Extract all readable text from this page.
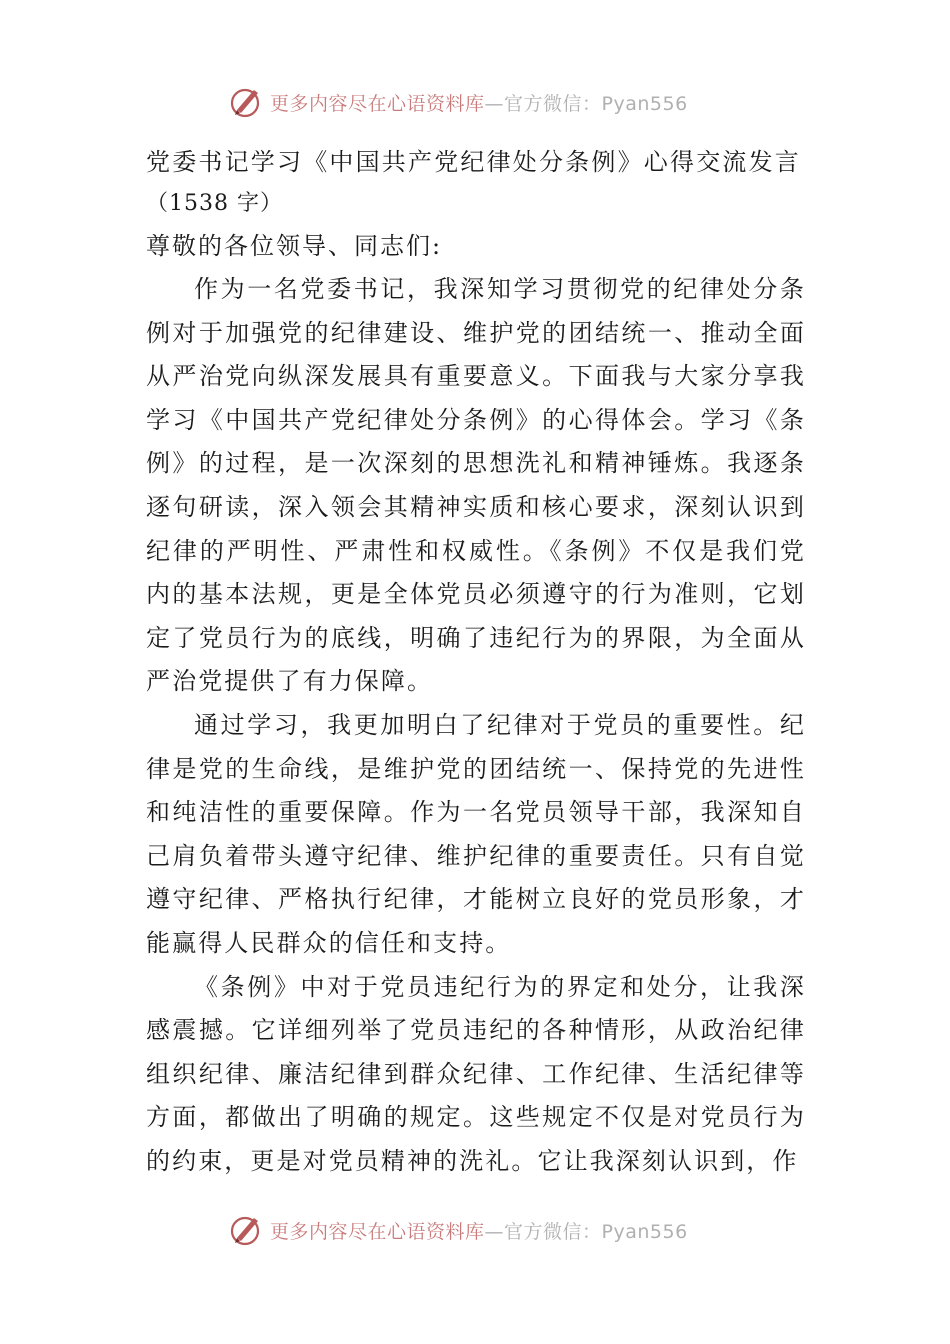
更多内容尽在心语资料库—官方微信：Pyan556
党委书记学习《中国共产党纪律处分条例》心得交流发言

（1538 字）

尊敬的各位领导、同志们:

作为一名党委书记，我深知学习贯彻党的纪律处分条例对于加强党的纪律建设、维护党的团结统一、推动全面从严治党向纵深发展具有重要意义。下面我与大家分享我学习《中国共产党纪律处分条例》的心得体会。学习《条例》的过程，是一次深刻的思想洗礼和精神锤炼。我逐条逐句研读，深入领会其精神实质和核心要求，深刻认识到纪律的严明性、严肃性和权威性。《条例》不仅是我们党内的基本法规，更是全体党员必须遵守的行为准则，它划定了党员行为的底线，明确了违纪行为的界限，为全面从严治党提供了有力保障。

通过学习，我更加明白了纪律对于党员的重要性。纪律是党的生命线，是维护党的团结统一、保持党的先进性和纯洁性的重要保障。作为一名党员领导干部，我深知自己肩负着带头遵守纪律、维护纪律的重要责任。只有自觉遵守纪律、严格执行纪律，才能树立良好的党员形象，才能赢得人民群众的信任和支持。

《条例》中对于党员违纪行为的界定和处分，让我深感震撼。它详细列举了党员违纪的各种情形，从政治纪律组织纪律、廉洁纪律到群众纪律、工作纪律、生活纪律等方面，都做出了明确的规定。这些规定不仅是对党员行为的约束，更是对党员精神的洗礼。它让我深刻认识到，作

更多内容尽在心语资料库—官方微信：Pyan556
